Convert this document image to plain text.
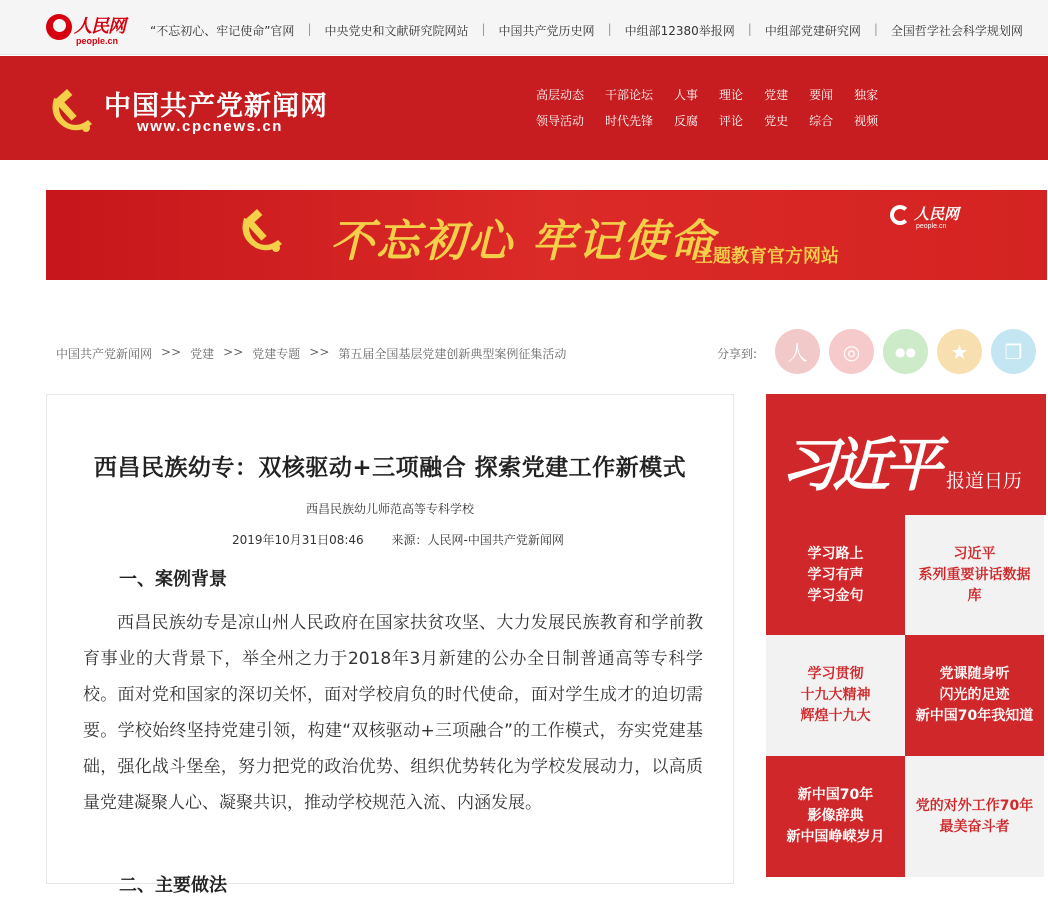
人民网
people.cn
“不忘初心、牢记使命”官网 | 中央党史和文献研究院网站 | 中国共产党历史网 | 中组部12380举报网 | 中组部党建研究网 | 全国哲学社会科学规划网
中国共产党新闻网
www.cpcnews.cn
高层动态 干部论坛 人事 理论 党建 要闻 独家
领导活动 时代先锋 反腐 评论 党史 综合 视频
不忘初心 牢记使命
主题教育官方网站
人民网
people.cn
中国共产党新闻网 >> 党建 >> 党建专题 >> 第五届全国基层党建创新典型案例征集活动	分享到:	人	◎	●●	★	❐
西昌民族幼专：双核驱动+三项融合 探索党建工作新模式
西昌民族幼儿师范高等专科学校
2019年10月31日08:46 来源：人民网-中国共产党新闻网
一、案例背景

西昌民族幼专是凉山州人民政府在国家扶贫攻坚、大力发展民族教育和学前教育事业的大背景下，举全州之力于2018年3月新建的公办全日制普通高等专科学校。面对党和国家的深切关怀，面对学校肩负的时代使命，面对学生成才的迫切需要。学校始终坚持党建引领，构建“双核驱动+三项融合”的工作模式，夯实党建基础，强化战斗堡垒，努力把党的政治优势、组织优势转化为学校发展动力，以高质量党建凝聚人心、凝聚共识，推动学校规范入流、内涵发展。

二、主要做法
习近平 报道日历
学习路上
学习有声
学习金句
习近平
系列重要讲话数据
库
学习贯彻
十九大精神
辉煌十九大
党课随身听
闪光的足迹
新中国70年我知道
新中国70年
影像辞典
新中国峥嵘岁月
党的对外工作70年
最美奋斗者
